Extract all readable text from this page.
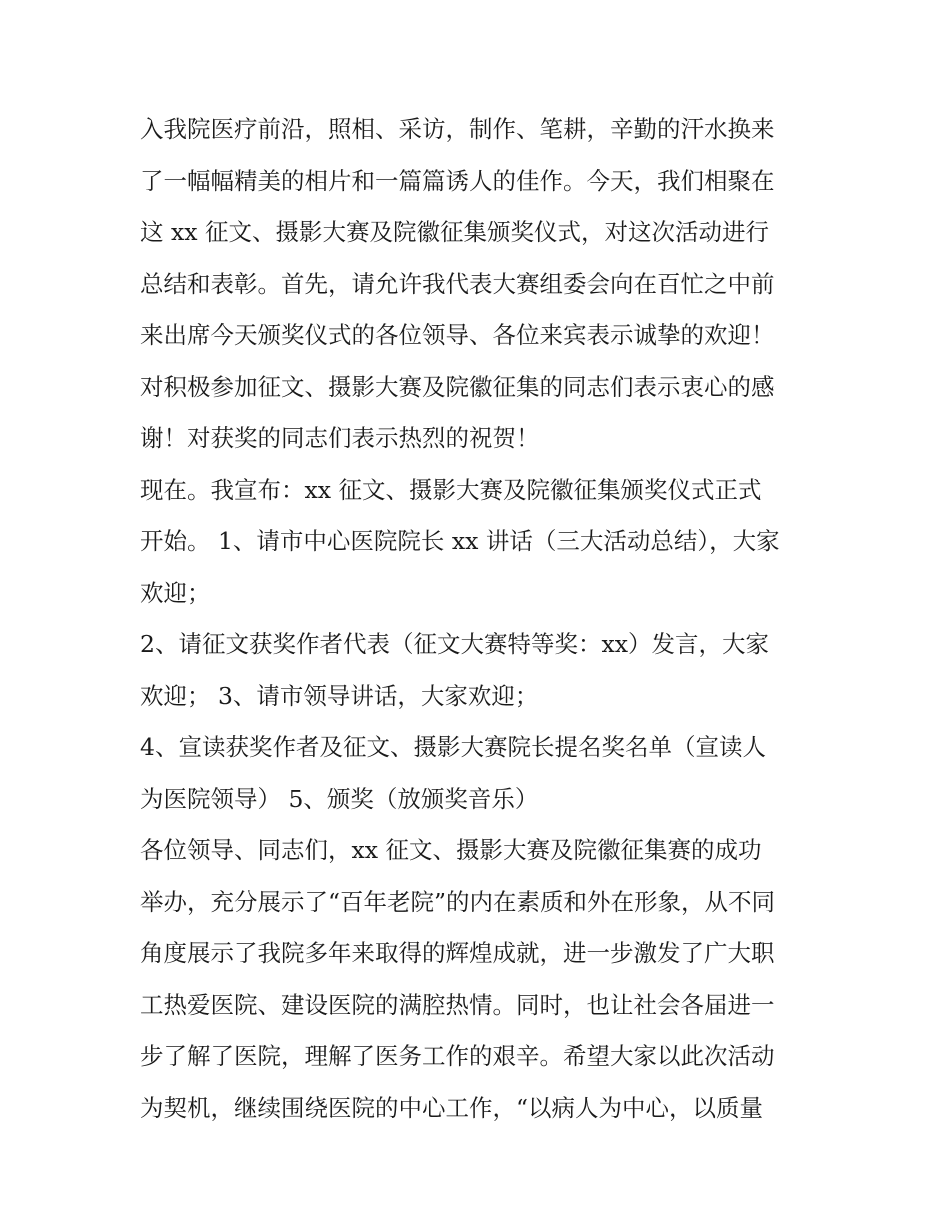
入我院医疗前沿，照相、采访，制作、笔耕，辛勤的汗水换来
了一幅幅精美的相片和一篇篇诱人的佳作。今天，我们相聚在
这 xx 征文、摄影大赛及院徽征集颁奖仪式，对这次活动进行
总结和表彰。首先，请允许我代表大赛组委会向在百忙之中前
来出席今天颁奖仪式的各位领导、各位来宾表示诚挚的欢迎！
对积极参加征文、摄影大赛及院徽征集的同志们表示衷心的感
谢！对获奖的同志们表示热烈的祝贺！
现在。我宣布：xx 征文、摄影大赛及院徽征集颁奖仪式正式
开始。 1、请市中心医院院长 xx 讲话（三大活动总结），大家
欢迎；
2、请征文获奖作者代表（征文大赛特等奖：xx）发言，大家
欢迎； 3、请市领导讲话，大家欢迎；
4、宣读获奖作者及征文、摄影大赛院长提名奖名单（宣读人
为医院领导） 5、颁奖（放颁奖音乐）
各位领导、同志们，xx 征文、摄影大赛及院徽征集赛的成功
举办，充分展示了“百年老院”的内在素质和外在形象，从不同
角度展示了我院多年来取得的辉煌成就，进一步激发了广大职
工热爱医院、建设医院的满腔热情。同时，也让社会各届进一
步了解了医院，理解了医务工作的艰辛。希望大家以此次活动
为契机，继续围绕医院的中心工作，“以病人为中心，以质量
